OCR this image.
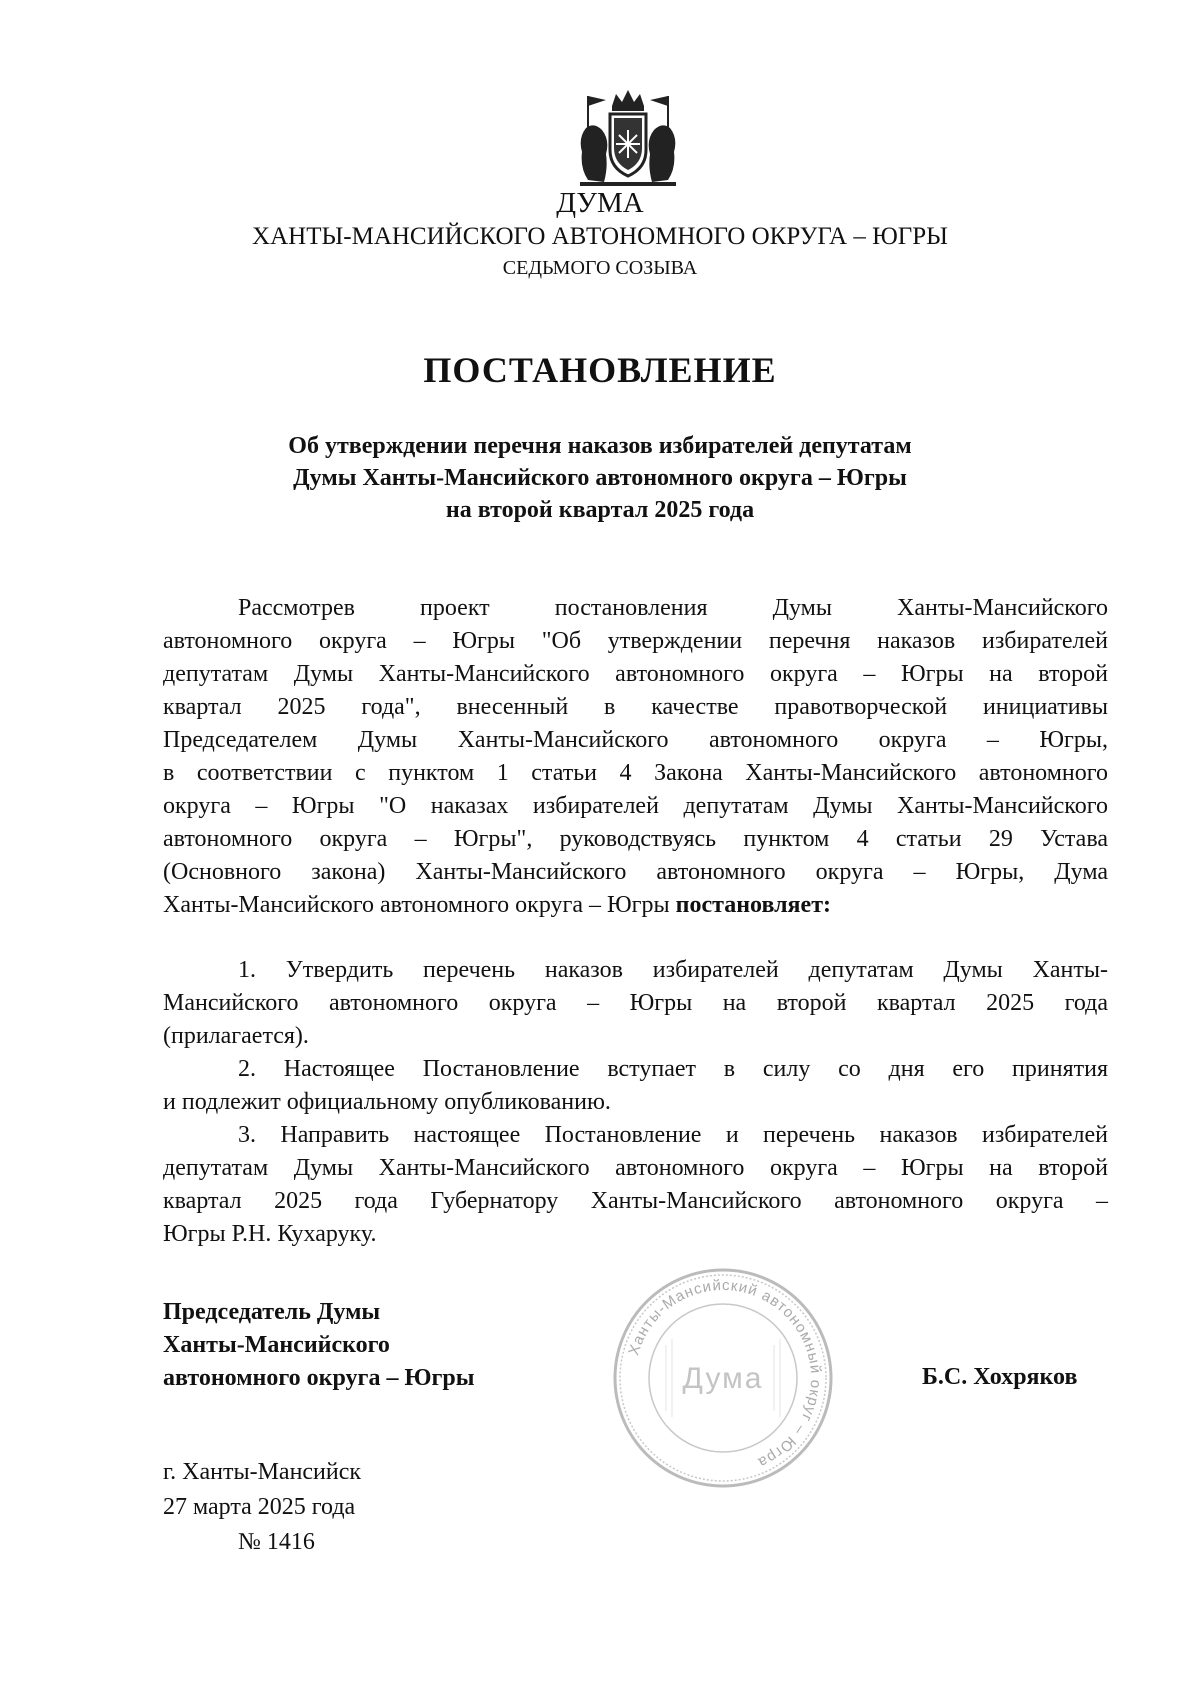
ДУМА
ХАНТЫ-МАНСИЙСКОГО АВТОНОМНОГО ОКРУГА – ЮГРЫ
СЕДЬМОГО СОЗЫВА
ПОСТАНОВЛЕНИЕ
Об утверждении перечня наказов избирателей депутатам
Думы Ханты-Мансийского автономного округа – Югры
на второй квартал 2025 года
Рассмотрев проект постановления Думы Ханты-Мансийского
автономного округа – Югры "Об утверждении перечня наказов избирателей
депутатам Думы Ханты-Мансийского автономного округа – Югры на второй
квартал 2025 года", внесенный в качестве правотворческой инициативы
Председателем Думы Ханты-Мансийского автономного округа – Югры,
в соответствии с пунктом 1 статьи 4 Закона Ханты-Мансийского автономного
округа – Югры "О наказах избирателей депутатам Думы Ханты-Мансийского
автономного округа – Югры", руководствуясь пунктом 4 статьи 29 Устава
(Основного закона) Ханты-Мансийского автономного округа – Югры, Дума
Ханты-Мансийского автономного округа – Югры постановляет:
1. Утвердить перечень наказов избирателей депутатам Думы Ханты-
Мансийского автономного округа – Югры на второй квартал 2025 года
(прилагается).
2. Настоящее Постановление вступает в силу со дня его принятия
и подлежит официальному опубликованию.
3. Направить настоящее Постановление и перечень наказов избирателей
депутатам Думы Ханты-Мансийского автономного округа – Югры на второй
квартал 2025 года Губернатору Ханты-Мансийского автономного округа –
Югры Р.Н. Кухаруку.
Председатель Думы
Ханты-Мансийского
автономного округа – Югры	Б.С. Хохряков
Ханты-Мансийский автономный округ – Югра
Дума
г. Ханты-Мансийск
27 марта 2025 года
№ 1416
